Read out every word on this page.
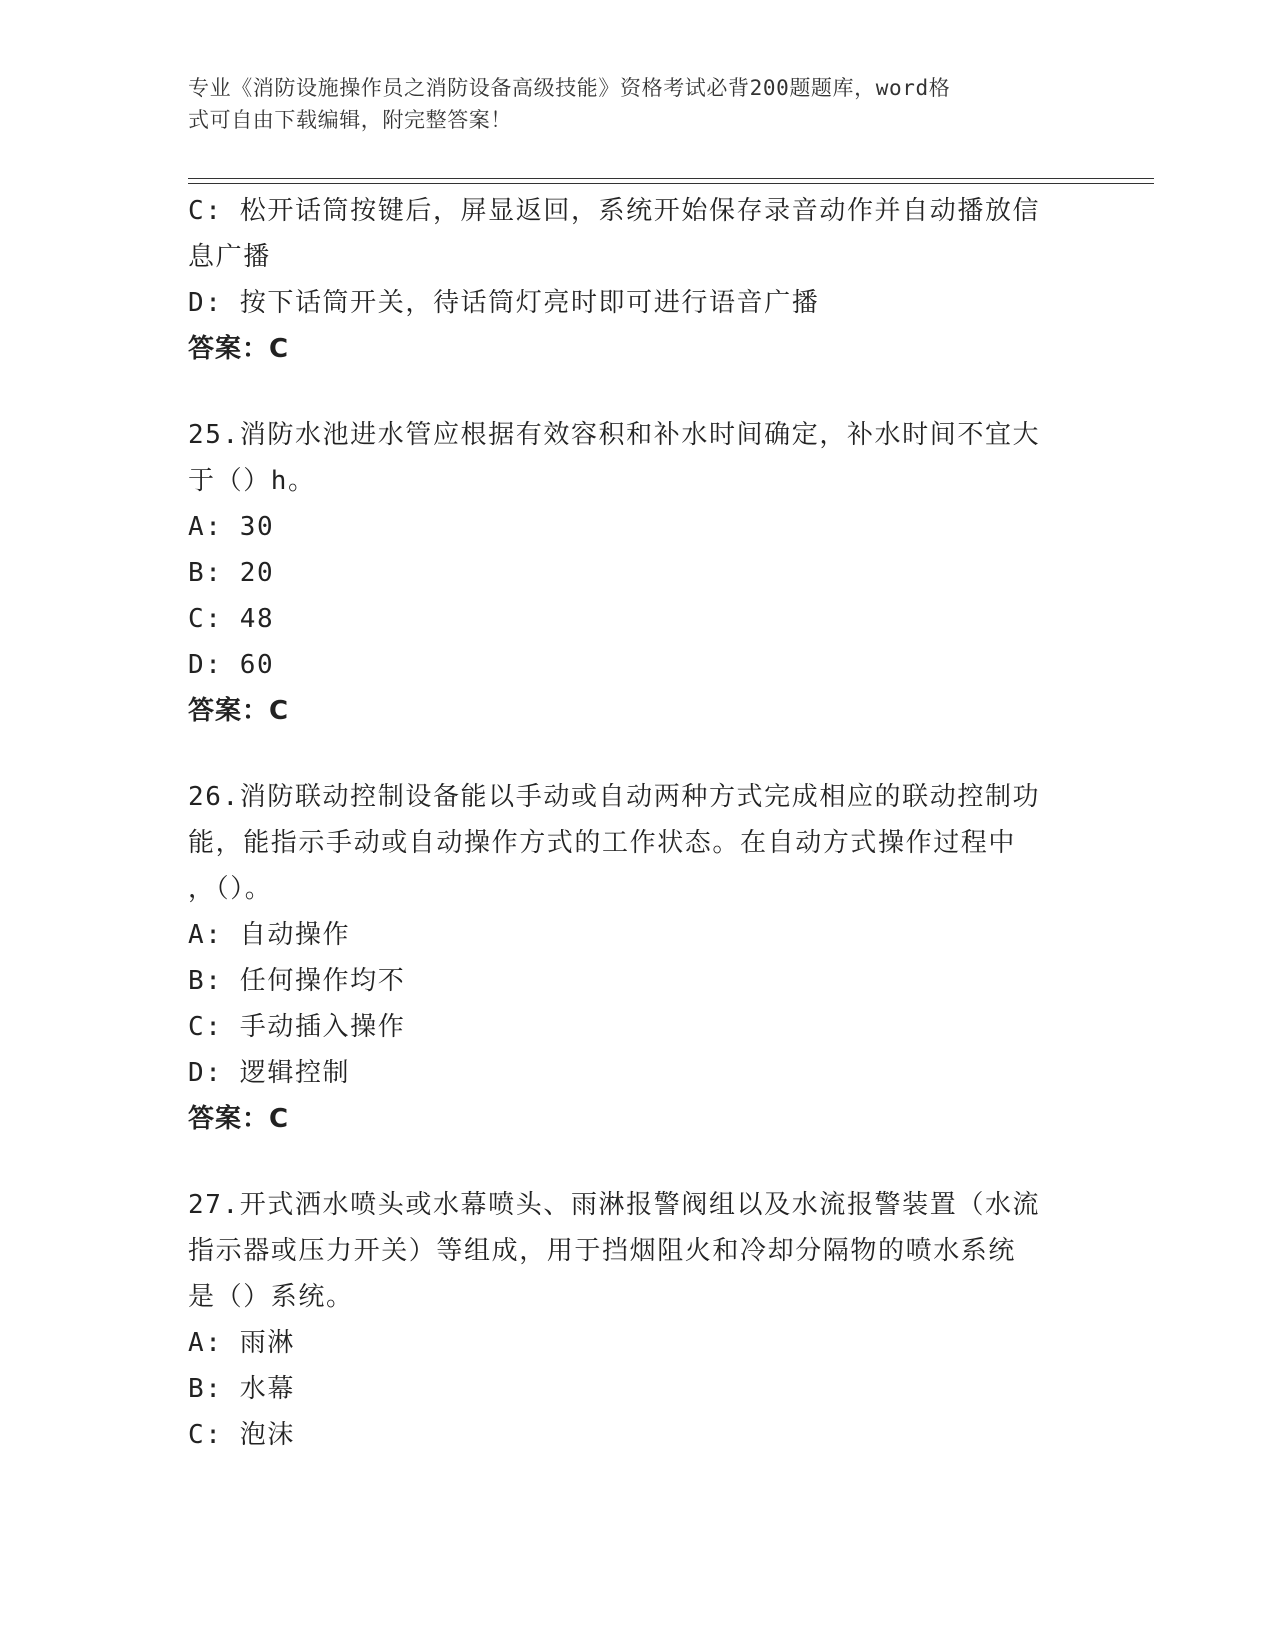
专业《消防设施操作员之消防设备高级技能》资格考试必背200题题库，word格
式可自由下载编辑，附完整答案！
C: 松开话筒按键后，屏显返回，系统开始保存录音动作并自动播放信
息广播
D: 按下话筒开关，待话筒灯亮时即可进行语音广播
答案：C
25.消防水池进水管应根据有效容积和补水时间确定，补水时间不宜大
于（）h。
A: 30
B: 20
C: 48
D: 60
答案：C
26.消防联动控制设备能以手动或自动两种方式完成相应的联动控制功
能，能指示手动或自动操作方式的工作状态。在自动方式操作过程中
，（）。
A: 自动操作
B: 任何操作均不
C: 手动插入操作
D: 逻辑控制
答案：C
27.开式洒水喷头或水幕喷头、雨淋报警阀组以及水流报警装置（水流
指示器或压力开关）等组成，用于挡烟阻火和冷却分隔物的喷水系统
是（）系统。
A: 雨淋
B: 水幕
C: 泡沫
